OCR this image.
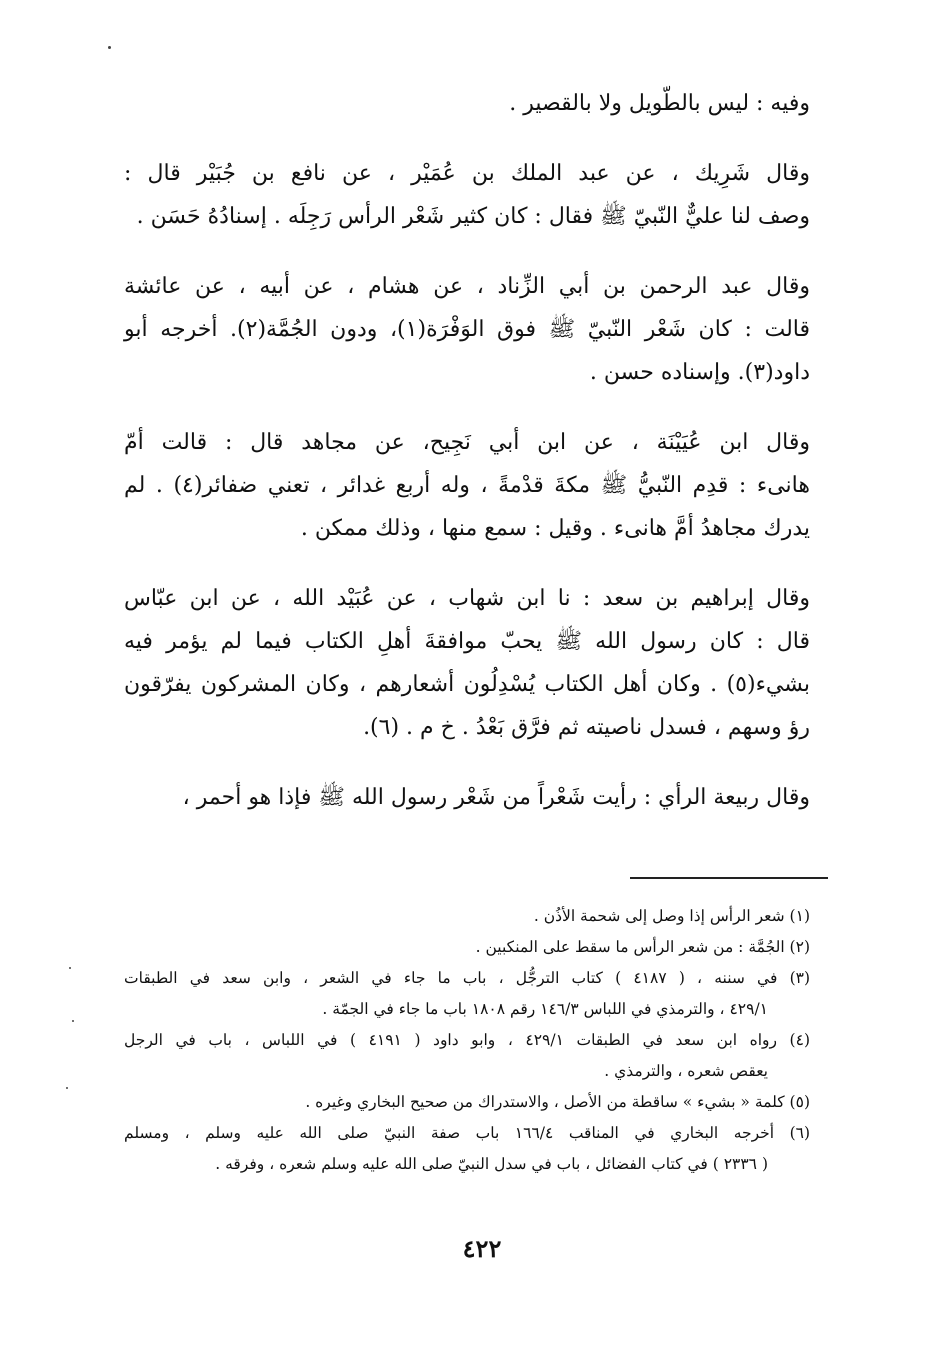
وفيه : ليس بالطّويل ولا بالقصير .

وقال شَرِيك ، عن عبد الملك بن عُمَيْر ، عن نافع بن جُبَيْر قال :
وصف لنا عليٌّ النّبيّ ﷺ فقال : كان كثير شَعْر الرأس رَجِلَه . إسنادُهُ حَسَن .

وقال عبد الرحمن بن أبي الزِّناد ، عن هشام ، عن أبيه ، عن عائشة
قالت : كان شَعْر النّبيّ ﷺ فوق الوَفْرَة(١)، ودون الجُمَّة(٢). أخرجه أبو
داود(٣). وإسناده حسن .

وقال ابن عُيَيْنَة ، عن ابن أبي نَجِيح، عن مجاهد قال : قالت أمّ
هانىء : قدِم النّبيُّ ﷺ مكةَ قدْمةً ، وله أربع غدائر ، تعني ضفائر(٤) . لم
يدرك مجاهدُ أمَّ هانىء . وقيل : سمع منها ، وذلك ممكن .

وقال إبراهيم بن سعد : نا ابن شهاب ، عن عُبَيْد الله ، عن ابن عبّاس
قال : كان رسول الله ﷺ يحبّ موافقةَ أهلِ الكتاب فيما لم يؤمر فيه
بشيء(٥) . وكان أهل الكتاب يُسْدِلُون أشعارهم ، وكان المشركون يفرّقون
رؤ وسهم ، فسدل ناصيته ثم فرَّق بَعْدُ . خ م . (٦).

وقال ربيعة الرأي : رأيت شَعْراً من شَعْر رسول الله ﷺ فإذا هو أحمر ،

(١) شعر الرأس إذا وصل إلى شحمة الأذُن .

(٢) الجُمَّة : من شعر الرأس ما سقط على المنكبين .

(٣) في سننه ، ( ٤١٨٧ ) كتاب الترجُّل ، باب ما جاء في الشعر ، وابن سعد في الطبقات
٤٢٩/١ ، والترمذي في اللباس ١٤٦/٣ رقم ١٨٠٨ باب ما جاء في الجمّة .

(٤) رواه ابن سعد في الطبقات ٤٢٩/١ ، وابو داود ( ٤١٩١ ) في اللباس ، باب في الرجل
يعقص شعره ، والترمذي .

(٥) كلمة « بشيء » ساقطة من الأصل ، والاستدراك من صحيح البخاري وغيره .

(٦) أخرجه البخاري في المناقب ١٦٦/٤ باب صفة النبيّ صلى الله عليه وسلم ، ومسلم
( ٢٣٣٦ ) في كتاب الفضائل ، باب في سدل النبيّ صلى الله عليه وسلم شعره ، وفرقه .

٤٢٢
